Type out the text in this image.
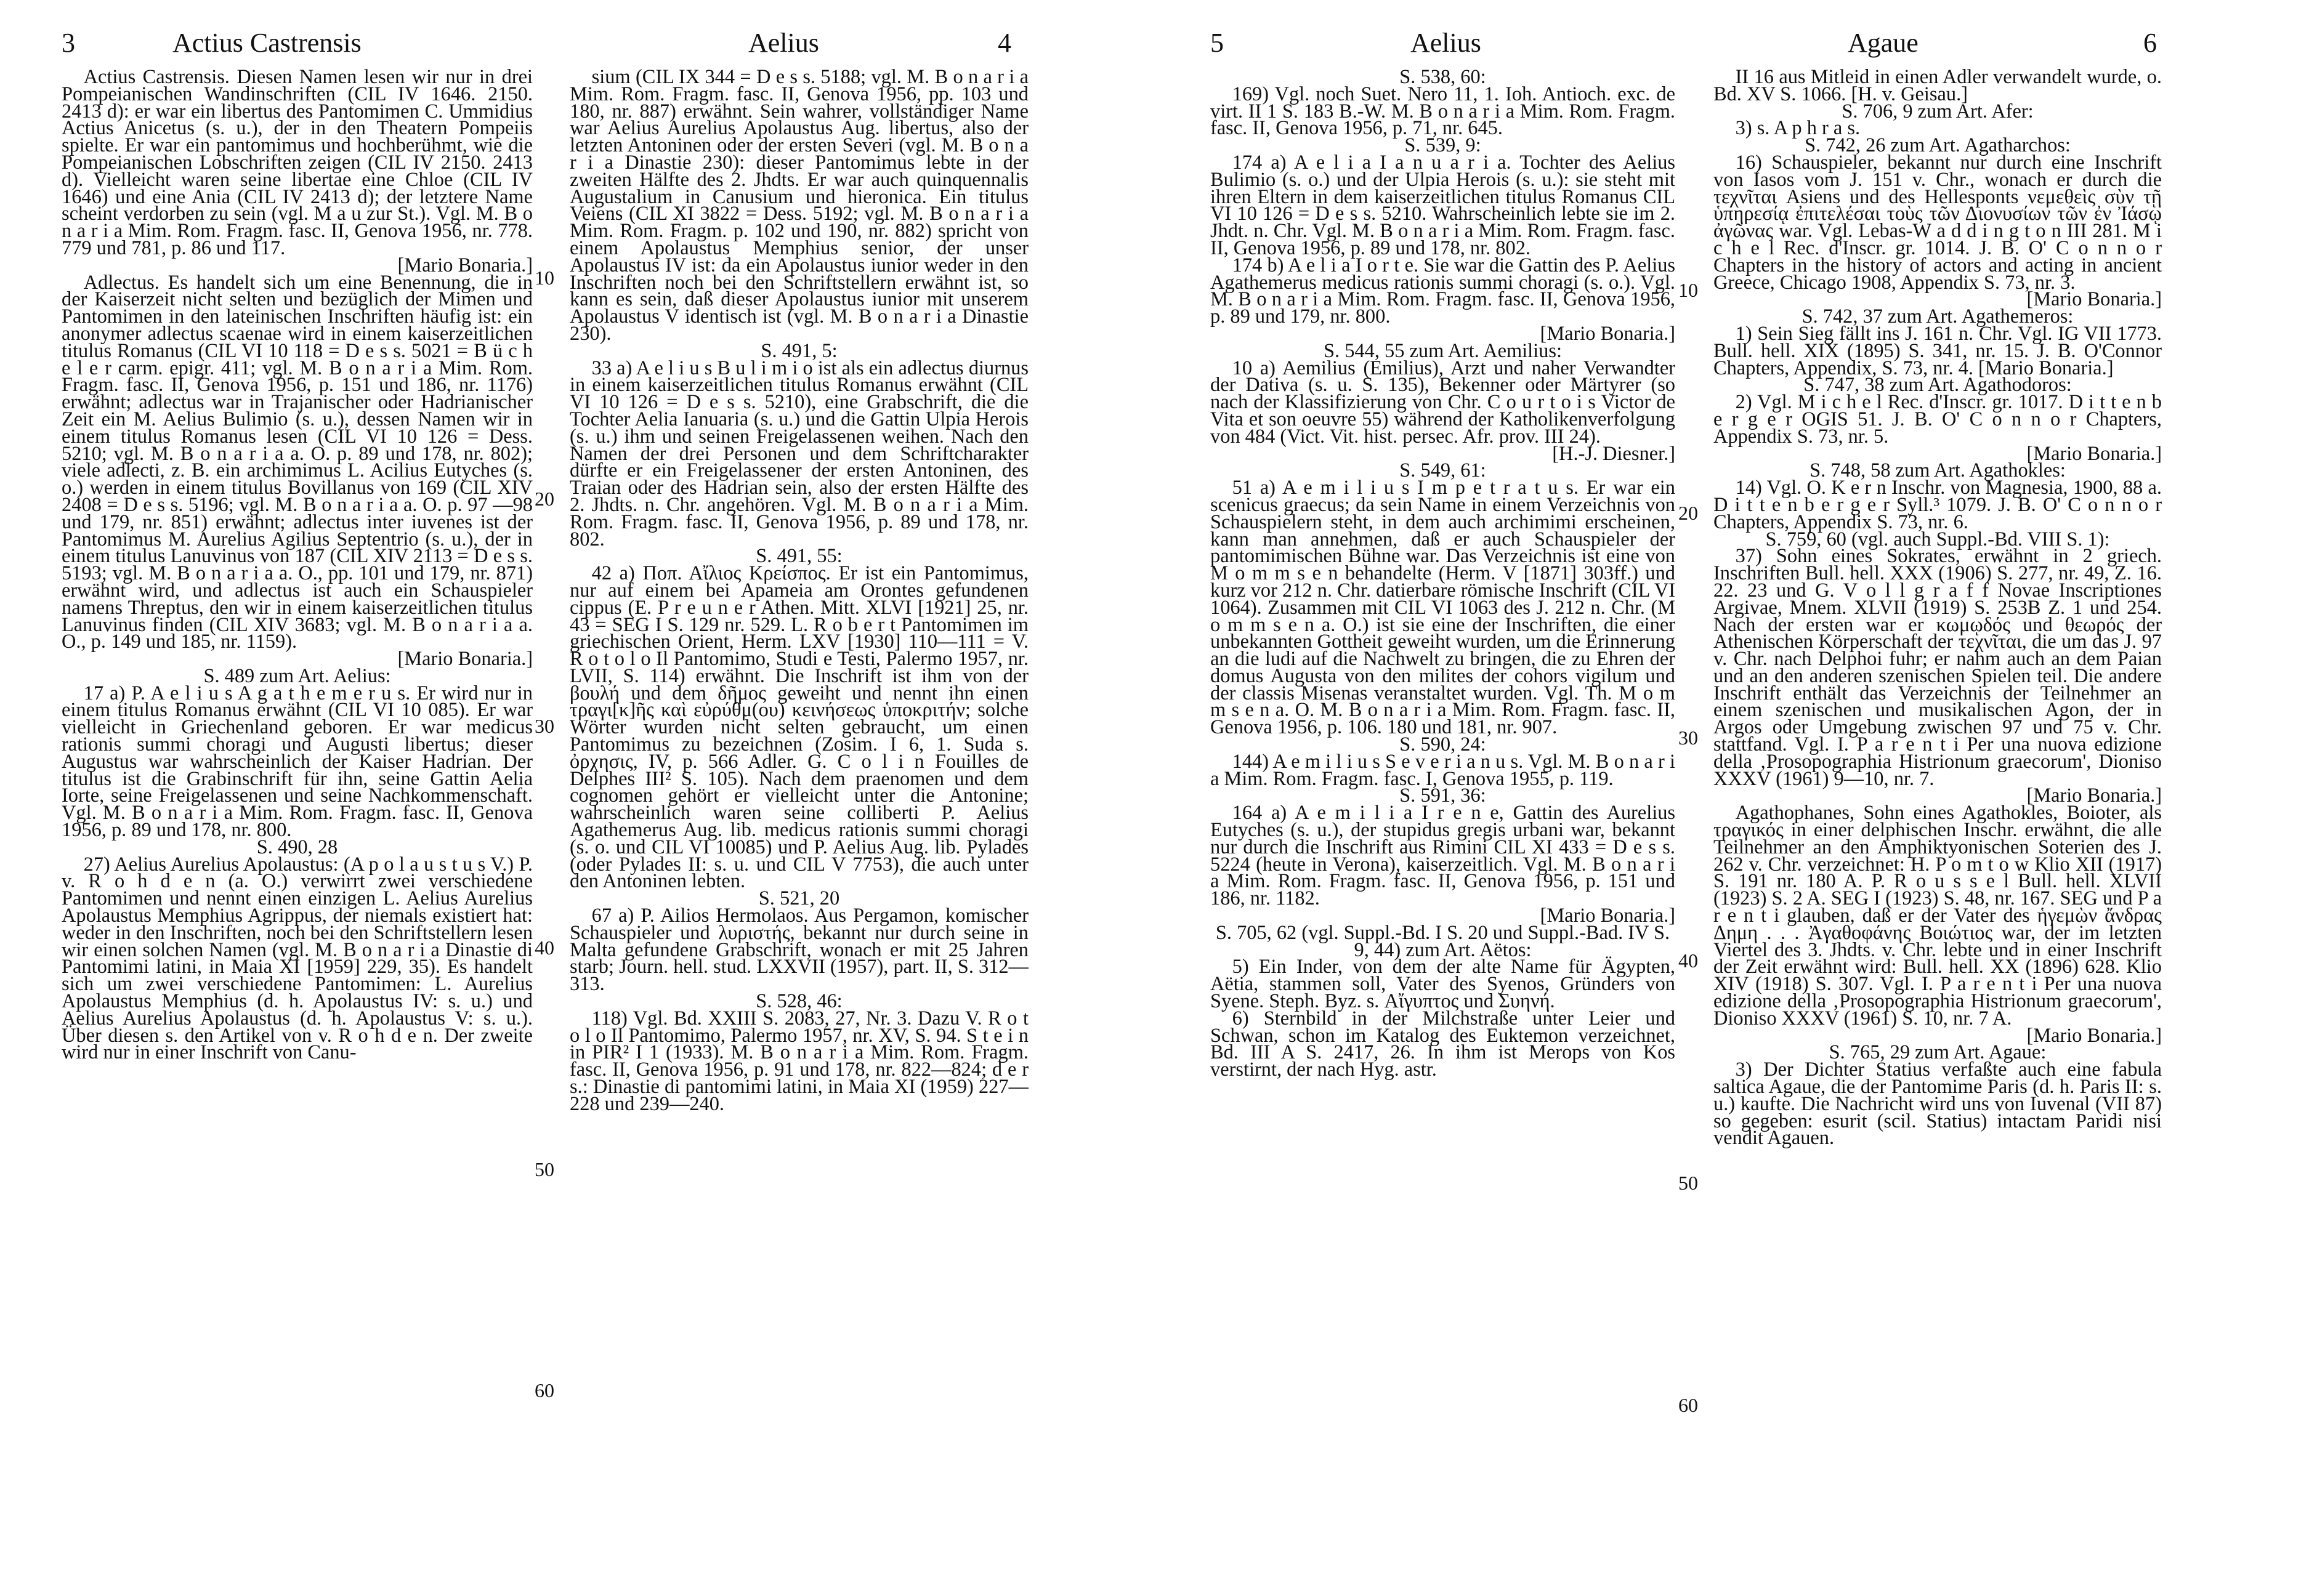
3	Actius Castrensis	Aelius	4	5	Aelius	Agaue	6

Actius Castrensis. Diesen Namen lesen wir nur in drei Pompeianischen Wandinschriften (CIL IV 1646. 2150. 2413 d): er war ein libertus des Pantomimen C. Ummidius Actius Anicetus (s. u.), der in den Theatern Pompeiis spielte. Er war ein pantomimus und hochberühmt, wie die Pompeianischen Lobschriften zeigen (CIL IV 2150. 2413 d). Vielleicht waren seine libertae eine Chloe (CIL IV 1646) und eine Ania (CIL IV 2413 d); der letztere Name scheint verdorben zu sein (vgl. M a u zur St.). Vgl. M. B o n a r i a Mim. Rom. Fragm. fasc. II, Genova 1956, nr. 778. 779 und 781, p. 86 und 117.

[Mario Bonaria.]

Adlectus. Es handelt sich um eine Benennung, die in der Kaiserzeit nicht selten und bezüglich der Mimen und Pantomimen in den lateinischen Inschriften häufig ist: ein anonymer adlectus scaenae wird in einem kaiserzeitlichen titulus Romanus (CIL VI 10 118 = D e s s. 5021 = B ü c h e l e r carm. epigr. 411; vgl. M. B o n a r i a Mim. Rom. Fragm. fasc. II, Genova 1956, p. 151 und 186, nr. 1176) erwähnt; adlectus war in Trajanischer oder Hadrianischer Zeit ein M. Aelius Bulimio (s. u.), dessen Namen wir in einem titulus Romanus lesen (CIL VI 10 126 = Dess. 5210; vgl. M. B o n a r i a a. O. p. 89 und 178, nr. 802); viele adlecti, z. B. ein archimimus L. Acilius Eutyches (s. o.) werden in einem titulus Bovillanus von 169 (CIL XIV 2408 = D e s s. 5196; vgl. M. B o n a r i a a. O. p. 97 —98 und 179, nr. 851) erwähnt; adlectus inter iuvenes ist der Pantomimus M. Aurelius Agilius Septentrio (s. u.), der in einem titulus Lanuvinus von 187 (CIL XIV 2113 = D e s s. 5193; vgl. M. B o n a r i a a. O., pp. 101 und 179, nr. 871) erwähnt wird, und adlectus ist auch ein Schauspieler namens Threptus, den wir in einem kaiserzeitlichen titulus Lanuvinus finden (CIL XIV 3683; vgl. M. B o n a r i a a. O., p. 149 und 185, nr. 1159).

[Mario Bonaria.]

S. 489 zum Art. Aelius:

17 a) P. A e l i u s A g a t h e m e r u s. Er wird nur in einem titulus Romanus erwähnt (CIL VI 10 085). Er war vielleicht in Griechenland geboren. Er war medicus rationis summi choragi und Augusti libertus; dieser Augustus war wahrscheinlich der Kaiser Hadrian. Der titulus ist die Grabinschrift für ihn, seine Gattin Aelia Iorte, seine Freigelassenen und seine Nachkommenschaft. Vgl. M. B o n a r i a Mim. Rom. Fragm. fasc. II, Genova 1956, p. 89 und 178, nr. 800.

S. 490, 28

27) Aelius Aurelius Apolaustus: (A p o l a u s t u s V.) P. v. R o h d e n (a. O.) verwirrt zwei verschiedene Pantomimen und nennt einen einzigen L. Aelius Aurelius Apolaustus Memphius Agrippus, der niemals existiert hat: weder in den Inschriften, noch bei den Schriftstellern lesen wir einen solchen Namen (vgl. M. B o n a r i a Dinastie di Pantomimi latini, in Maia XI [1959] 229, 35). Es handelt sich um zwei verschiedene Pantomimen: L. Aurelius Apolaustus Memphius (d. h. Apolaustus IV: s. u.) und Aelius Aurelius Apolaustus (d. h. Apolaustus V: s. u.). Über diesen s. den Artikel von v. R o h d e n. Der zweite wird nur in einer Inschrift von Canu-

sium (CIL IX 344 = D e s s. 5188; vgl. M. B o n a r i a Mim. Rom. Fragm. fasc. II, Genova 1956, pp. 103 und 180, nr. 887) erwähnt. Sein wahrer, vollständiger Name war Aelius Aurelius Apolaustus Aug. libertus, also der letzten Antoninen oder der ersten Severi (vgl. M. B o n a r i a Dinastie 230): dieser Pantomimus lebte in der zweiten Hälfte des 2. Jhdts. Er war auch quinquennalis Augustalium in Canusium und hieronica. Ein titulus Veiens (CIL XI 3822 = Dess. 5192; vgl. M. B o n a r i a Mim. Rom. Fragm. p. 102 und 190, nr. 882) spricht von einem Apolaustus Memphius senior, der unser Apolaustus IV ist: da ein Apolaustus iunior weder in den Inschriften noch bei den Schriftstellern erwähnt ist, so kann es sein, daß dieser Apolaustus iunior mit unserem Apolaustus V identisch ist (vgl. M. B o n a r i a Dinastie 230).

S. 491, 5:

33 a) A e l i u s B u l i m i o ist als ein adlectus diurnus in einem kaiserzeitlichen titulus Romanus erwähnt (CIL VI 10 126 = D e s s. 5210), eine Grabschrift, die die Tochter Aelia Ianuaria (s. u.) und die Gattin Ulpia Herois (s. u.) ihm und seinen Freigelassenen weihen. Nach den Namen der drei Personen und dem Schriftcharakter dürfte er ein Freigelassener der ersten Antoninen, des Traian oder des Hadrian sein, also der ersten Hälfte des 2. Jhdts. n. Chr. angehören. Vgl. M. B o n a r i a Mim. Rom. Fragm. fasc. II, Genova 1956, p. 89 und 178, nr. 802.

S. 491, 55:

42 a) Ποπ. Αἴλιος Κρείσπος. Er ist ein Pantomimus, nur auf einem bei Apameia am Orontes gefundenen cippus (E. P r e u n e r Athen. Mitt. XLVI [1921] 25, nr. 43 = SEG I S. 129 nr. 529. L. R o b e r t Pantomimen im griechischen Orient, Herm. LXV [1930] 110—111 = V. R o t o l o Il Pantomimo, Studi e Testi, Palermo 1957, nr. LVII, S. 114) erwähnt. Die Inschrift ist ihm von der βουλή und dem δῆμος geweiht und nennt ihn einen τραγι[κ]ῆς καὶ εὐρύθμ(ου) κεινήσεως ὑποκριτήν; solche Wörter wurden nicht selten gebraucht, um einen Pantomimus zu bezeichnen (Zosim. I 6, 1. Suda s. ὀρχησις, IV, p. 566 Adler. G. C o l i n Fouilles de Delphes III² S. 105). Nach dem praenomen und dem cognomen gehört er vielleicht unter die Antonine; wahrscheinlich waren seine colliberti P. Aelius Agathemerus Aug. lib. medicus rationis summi choragi (s. o. und CIL VI 10085) und P. Aelius Aug. lib. Pylades (oder Pylades II: s. u. und CIL V 7753), die auch unter den Antoninen lebten.

S. 521, 20

67 a) P. Ailios Hermolaos. Aus Pergamon, komischer Schauspieler und λυριστής, bekannt nur durch seine in Malta gefundene Grabschrift, wonach er mit 25 Jahren starb; Journ. hell. stud. LXXVII (1957), part. II, S. 312—313.

S. 528, 46:

118) Vgl. Bd. XXIII S. 2083, 27, Nr. 3. Dazu V. R o t o l o Il Pantomimo, Palermo 1957, nr. XV, S. 94. S t e i n in PIR² I 1 (1933). M. B o n a r i a Mim. Rom. Fragm. fasc. II, Genova 1956, p. 91 und 178, nr. 822—824; d e r s.: Dinastie di pantomimi latini, in Maia XI (1959) 227—228 und 239—240.

S. 538, 60:

169) Vgl. noch Suet. Nero 11, 1. Ioh. Antioch. exc. de virt. II 1 S. 183 B.-W. M. B o n a r i a Mim. Rom. Fragm. fasc. II, Genova 1956, p. 71, nr. 645.

S. 539, 9:

174 a) A e l i a I a n u a r i a. Tochter des Aelius Bulimio (s. o.) und der Ulpia Herois (s. u.): sie steht mit ihren Eltern in dem kaiserzeitlichen titulus Romanus CIL VI 10 126 = D e s s. 5210. Wahrscheinlich lebte sie im 2. Jhdt. n. Chr. Vgl. M. B o n a r i a Mim. Rom. Fragm. fasc. II, Genova 1956, p. 89 und 178, nr. 802.

174 b) A e l i a I o r t e. Sie war die Gattin des P. Aelius Agathemerus medicus rationis summi choragi (s. o.). Vgl. M. B o n a r i a Mim. Rom. Fragm. fasc. II, Genova 1956, p. 89 und 179, nr. 800.

[Mario Bonaria.]

S. 544, 55 zum Art. Aemilius:

10 a) Aemilius (Emilius), Arzt und naher Verwandter der Dativa (s. u. S. 135), Bekenner oder Märtyrer (so nach der Klassifizierung von Chr. C o u r t o i s Victor de Vita et son oeuvre 55) während der Katholikenverfolgung von 484 (Vict. Vit. hist. persec. Afr. prov. III 24).

[H.-J. Diesner.]

S. 549, 61:

51 a) A e m i l i u s I m p e t r a t u s. Er war ein scenicus graecus; da sein Name in einem Verzeichnis von Schauspielern steht, in dem auch archimimi erscheinen, kann man annehmen, daß er auch Schauspieler der pantomimischen Bühne war. Das Verzeichnis ist eine von M o m m s e n behandelte (Herm. V [1871] 303ff.) und kurz vor 212 n. Chr. datierbare römische Inschrift (CIL VI 1064). Zusammen mit CIL VI 1063 des J. 212 n. Chr. (M o m m s e n a. O.) ist sie eine der Inschriften, die einer unbekannten Gottheit geweiht wurden, um die Erinnerung an die ludi auf die Nachwelt zu bringen, die zu Ehren der domus Augusta von den milites der cohors vigilum und der classis Misenas veranstaltet wurden. Vgl. Th. M o m m s e n a. O. M. B o n a r i a Mim. Rom. Fragm. fasc. II, Genova 1956, p. 106. 180 und 181, nr. 907.

S. 590, 24:

144) A e m i l i u s S e v e r i a n u s. Vgl. M. B o n a r i a Mim. Rom. Fragm. fasc. I, Genova 1955, p. 119.

S. 591, 36:

164 a) A e m i l i a I r e n e, Gattin des Aurelius Eutyches (s. u.), der stupidus gregis urbani war, bekannt nur durch die Inschrift aus Rimini CIL XI 433 = D e s s. 5224 (heute in Verona), kaiserzeitlich. Vgl. M. B o n a r i a Mim. Rom. Fragm. fasc. II, Genova 1956, p. 151 und 186, nr. 1182.

[Mario Bonaria.]

S. 705, 62 (vgl. Suppl.-Bd. I S. 20 und Suppl.-Bad. IV S. 9, 44) zum Art. Aëtos:

5) Ein Inder, von dem der alte Name für Ägypten, Aëtia, stammen soll, Vater des Syenos, Gründers von Syene. Steph. Byz. s. Αἴγυπτος und Συηνή.

6) Sternbild in der Milchstraße unter Leier und Schwan, schon im Katalog des Euktemon verzeichnet, Bd. III A S. 2417, 26. In ihm ist Merops von Kos verstirnt, der nach Hyg. astr.

II 16 aus Mitleid in einen Adler verwandelt wurde, o. Bd. XV S. 1066. [H. v. Geisau.]

S. 706, 9 zum Art. Afer:

3) s. A p h r a s.

S. 742, 26 zum Art. Agatharchos:

16) Schauspieler, bekannt nur durch eine Inschrift von Iasos vom J. 151 v. Chr., wonach er durch die τεχνῖται Asiens und des Hellesponts νεμεθεὶς σὺν τῇ ὑπηρεσίᾳ ἐπιτελέσαι τοὺς τῶν Διονυσίων τῶν ἐν Ἰάσῳ ἀγῶνας war. Vgl. Lebas-W a d d i n g t o n III 281. M i c h e l Rec. d'Inscr. gr. 1014. J. B. O' C o n n o r Chapters in the history of actors and acting in ancient Greece, Chicago 1908, Appendix S. 73, nr. 3.

[Mario Bonaria.]

S. 742, 37 zum Art. Agathemeros:

1) Sein Sieg fällt ins J. 161 n. Chr. Vgl. IG VII 1773. Bull. hell. XIX (1895) S. 341, nr. 15. J. B. O'Connor Chapters, Appendix, S. 73, nr. 4. [Mario Bonaria.]

S. 747, 38 zum Art. Agathodoros:

2) Vgl. M i c h e l Rec. d'Inscr. gr. 1017. D i t t e n b e r g e r OGIS 51. J. B. O' C o n n o r Chapters, Appendix S. 73, nr. 5.

[Mario Bonaria.]

S. 748, 58 zum Art. Agathokles:

14) Vgl. O. K e r n Inschr. von Magnesia, 1900, 88 a. D i t t e n b e r g e r Syll.³ 1079. J. B. O' C o n n o r Chapters, Appendix S. 73, nr. 6.

S. 759, 60 (vgl. auch Suppl.-Bd. VIII S. 1):

37) Sohn eines Sokrates, erwähnt in 2 griech. Inschriften Bull. hell. XXX (1906) S. 277, nr. 49, Z. 16. 22. 23 und G. V o l l g r a f f Novae Inscriptiones Argivae, Mnem. XLVII (1919) S. 253B Z. 1 und 254. Nach der ersten war er κωμῳδός und θεωρός der Athenischen Körperschaft der τεχνῖται, die um das J. 97 v. Chr. nach Delphoi fuhr; er nahm auch an dem Paian und an den anderen szenischen Spielen teil. Die andere Inschrift enthält das Verzeichnis der Teilnehmer an einem szenischen und musikalischen Agon, der in Argos oder Umgebung zwischen 97 und 75 v. Chr. stattfand. Vgl. I. P a r e n t i Per una nuova edizione della ‚Prosopographia Histrionum graecorum', Dioniso XXXV (1961) 9—10, nr. 7.

[Mario Bonaria.]

Agathophanes, Sohn eines Agathokles, Boioter, als τραγικός in einer delphischen Inschr. erwähnt, die alle Teilnehmer an den Amphiktyonischen Soterien des J. 262 v. Chr. verzeichnet: H. P o m t o w Klio XII (1917) S. 191 nr. 180 A. P. R o u s s e l Bull. hell. XLVII (1923) S. 2 A. SEG I (1923) S. 48, nr. 167. SEG und P a r e n t i glauben, daß er der Vater des ἡγεμὼν ἄνδρας Δημη . . . Ἀγαθοφάνης Βοιώτιος war, der im letzten Viertel des 3. Jhdts. v. Chr. lebte und in einer Inschrift der Zeit erwähnt wird: Bull. hell. XX (1896) 628. Klio XIV (1918) S. 307. Vgl. I. P a r e n t i Per una nuova edizione della ‚Prosopographia Histrionum graecorum', Dioniso XXXV (1961) S. 10, nr. 7 A.

[Mario Bonaria.]

S. 765, 29 zum Art. Agaue:

3) Der Dichter Statius verfaßte auch eine fabula saltica Agaue, die der Pantomime Paris (d. h. Paris II: s. u.) kaufte. Die Nachricht wird uns von Iuvenal (VII 87) so gegeben: esurit (scil. Statius) intactam Paridi nisi vendit Agauen.

10
20
30
40
50
60
10
20
30
40
50
60
